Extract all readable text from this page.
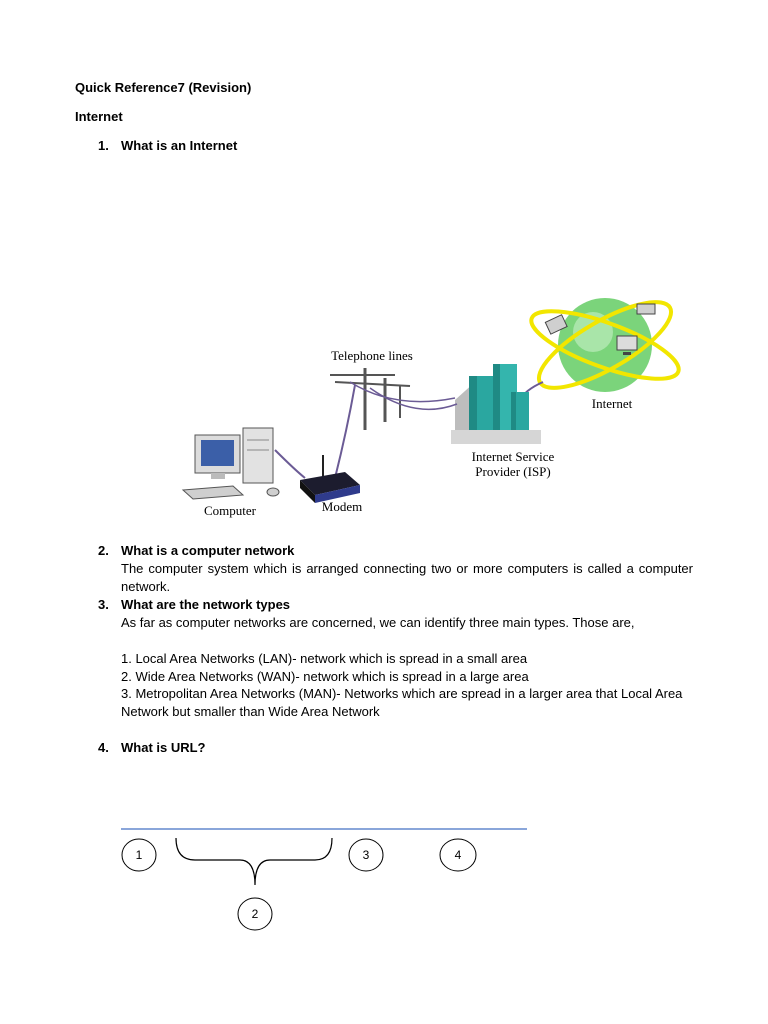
Quick Reference7 (Revision)
Internet
1. What is an Internet
Internet
Internet Service
Provider (ISP)
Telephone lines
Modem
Computer
2. What is a computer network
The computer system which is arranged connecting two or more computers is called a computer network.
3. What are the network types
As far as computer networks are concerned, we can identify three main types. Those are,
1. Local Area Networks (LAN)- network which is spread in a small area
2. Wide Area Networks (WAN)- network which is spread in a large area
3. Metropolitan Area Networks (MAN)- Networks which are spread in a larger area that Local Area Network but smaller than Wide Area Network
4. What is URL?
1
2
3	4
